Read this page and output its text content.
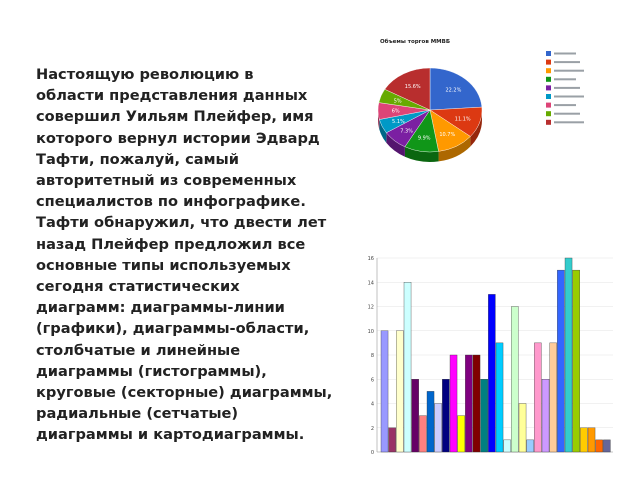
Настоящую революцию в
области представления данных
совершил Уильям Плейфер, имя
которого вернул истории Эдвард
Тафти, пожалуй, самый
авторитетный из современных
специалистов по инфографике.
Тафти обнаружил, что двести лет
назад Плейфер предложил все
основные типы используемых
сегодня статистических
диаграмм: диаграммы-линии
(графики), диаграммы-области,
столбчатые и линейные
диаграммы (гистограммы),
круговые (секторные) диаграммы,
радиальные (сетчатые)
диаграммы и картодиаграммы.

Объемы торгов ММВБ
22.2%
11.1%
10.7%
9.9%
7.3%
5.1%
6%
5%
15.6%
0
2
4
6
8
10
12
14
16
